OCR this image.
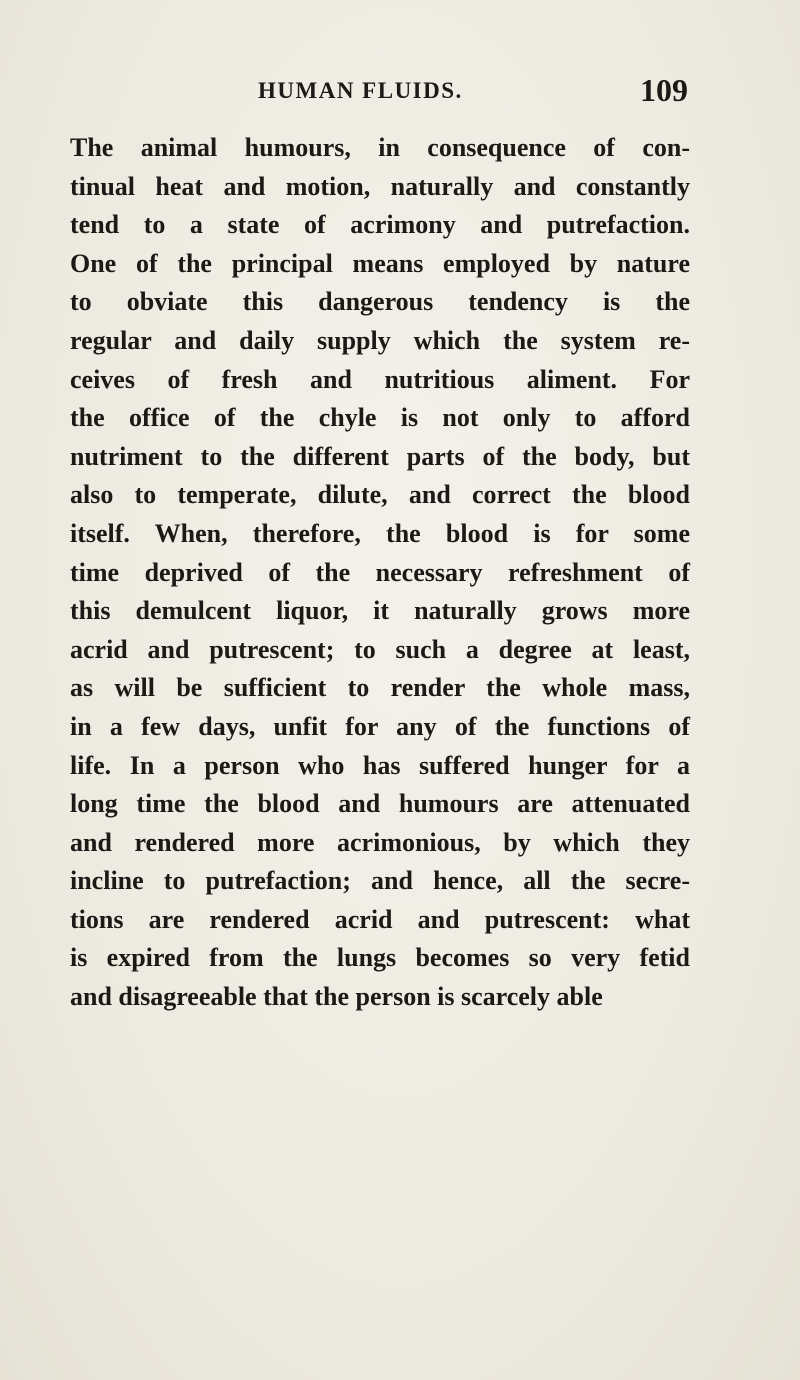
HUMAN FLUIDS.	109
The animal humours, in consequence of con-
tinual heat and motion, naturally and constantly
tend to a state of acrimony and putrefaction.
One of the principal means employed by nature
to obviate this dangerous tendency is the
regular and daily supply which the system re-
ceives of fresh and nutritious aliment. For
the office of the chyle is not only to afford
nutriment to the different parts of the body, but
also to temperate, dilute, and correct the blood
itself. When, therefore, the blood is for some
time deprived of the necessary refreshment of
this demulcent liquor, it naturally grows more
acrid and putrescent; to such a degree at least,
as will be sufficient to render the whole mass,
in a few days, unfit for any of the functions of
life. In a person who has suffered hunger for a
long time the blood and humours are attenuated
and rendered more acrimonious, by which they
incline to putrefaction; and hence, all the secre-
tions are rendered acrid and putrescent: what
is expired from the lungs becomes so very fetid
and disagreeable that the person is scarcely able
